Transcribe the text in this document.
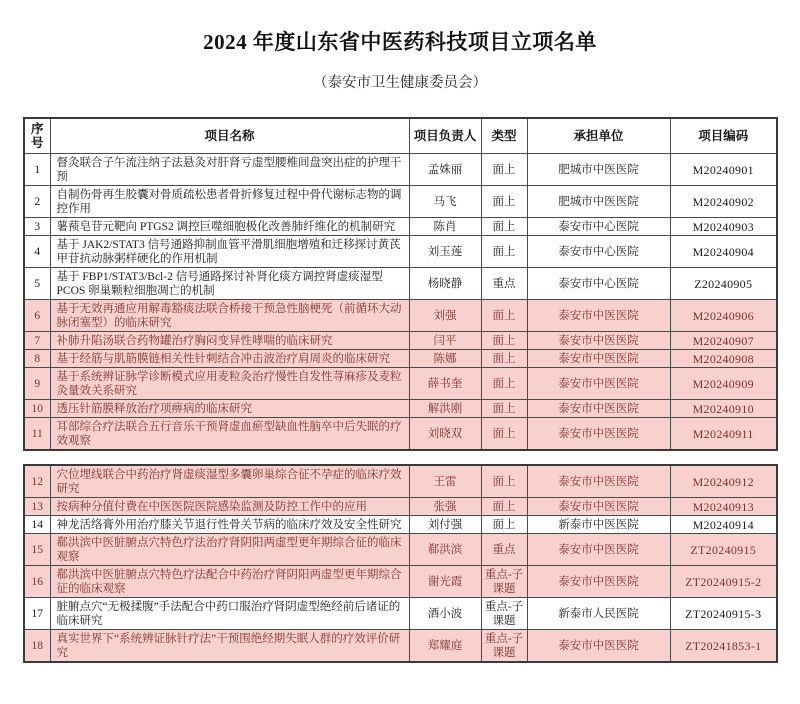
2024 年度山东省中医药科技项目立项名单
（泰安市卫生健康委员会）
序号	项目名称	项目负责人	类型	承担单位	项目编码
1	督灸联合子午流注纳子法悬灸对肝肾亏虚型腰椎间盘突出症的护理干预	孟姝丽	面上	肥城市中医医院	M20240901
2	自制伤骨再生胶囊对骨质疏松患者骨折修复过程中骨代谢标志物的调控作用	马飞	面上	肥城市中医医院	M20240902
3	薯蓣皂苷元靶向 PTGS2 调控巨噬细胞极化改善肺纤维化的机制研究	陈肖	面上	泰安市中心医院	M20240903
4	基于 JAK2/STAT3 信号通路抑制血管平滑肌细胞增殖和迁移探讨黄芪甲苷抗动脉粥样硬化的作用机制	刘玉莲	面上	泰安市中心医院	M20240904
5	基于 FBP1/STAT3/Bcl-2 信号通路探讨补肾化痰方调控肾虚痰湿型 PCOS 卵巢颗粒细胞凋亡的机制	杨晓静	重点	泰安市中心医院	Z20240905
6	基于无效再通应用解毒豁痰法联合桥接干预急性脑梗死（前循环大动脉闭塞型）的临床研究	刘强	面上	泰安市中医医院	M20240906
7	补肺升陷汤联合药物罐治疗胸闷变异性哮喘的临床研究	闫平	面上	泰安市中医医院	M20240907
8	基于经筋与肌筋膜链相关性针刺结合冲击波治疗肩周炎的临床研究	陈娜	面上	泰安市中医医院	M20240908
9	基于系统辨证脉学诊断模式应用麦粒灸治疗慢性自发性荨麻疹及麦粒灸量效关系研究	薛书奎	面上	泰安市中医医院	M20240909
10	透压针筋膜释放治疗项痹病的临床研究	解洪刚	面上	泰安市中医医院	M20240910
11	耳部综合疗法联合五行音乐干预肾虚血瘀型缺血性脑卒中后失眠的疗效观察	刘晓双	面上	泰安市中医医院	M20240911
12	穴位埋线联合中药治疗肾虚痰湿型多囊卵巢综合征不孕症的临床疗效研究	王雷	面上	泰安市中医医院	M20240912
13	按病种分值付费在中医医院医院感染监测及防控工作中的应用	张强	面上	泰安市中医医院	M20240913
14	神龙活络膏外用治疗膝关节退行性骨关节病的临床疗效及安全性研究	刘付强	面上	新泰市中医医院	M20240914
15	郗洪滨中医脏腑点穴特色疗法治疗肾阴阳两虚型更年期综合征的临床观察	郗洪滨	重点	泰安市中医医院	ZT20240915
16	郗洪滨中医脏腑点穴特色疗法配合中药治疗肾阴阳两虚型更年期综合征的临床观察	谢光霞	重点-子课题	泰安市中医医院	ZT20240915-2
17	脏腑点穴“无极揉腹”手法配合中药口服治疗肾阴虚型绝经前后诸证的临床研究	酒小波	重点-子课题	新泰市人民医院	ZT20240915-3
18	真实世界下“系统辨证脉针疗法”干预围绝经期失眠人群的疗效评价研究	郑耀庭	重点-子课题	泰安市中医医院	ZT20241853-1
